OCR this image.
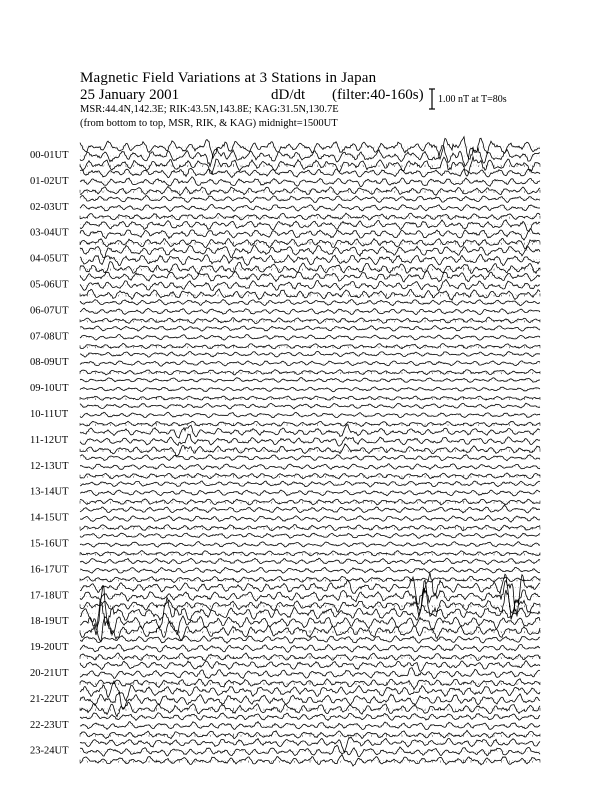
Magnetic Field Variations at 3 Stations in Japan
25 January 2001	dD/dt (filter:40-160s)
MSR:44.4N,142.3E; RIK:43.5N,143.8E; KAG:31.5N,130.7E
(from bottom to top, MSR, RIK, & KAG) midnight=1500UT
1.00 nT at T=80s
00-01UT
01-02UT
02-03UT
03-04UT
04-05UT
05-06UT
06-07UT
07-08UT
08-09UT
09-10UT
10-11UT
11-12UT
12-13UT
13-14UT
14-15UT
15-16UT
16-17UT
17-18UT
18-19UT
19-20UT
20-21UT
21-22UT
22-23UT
23-24UT
